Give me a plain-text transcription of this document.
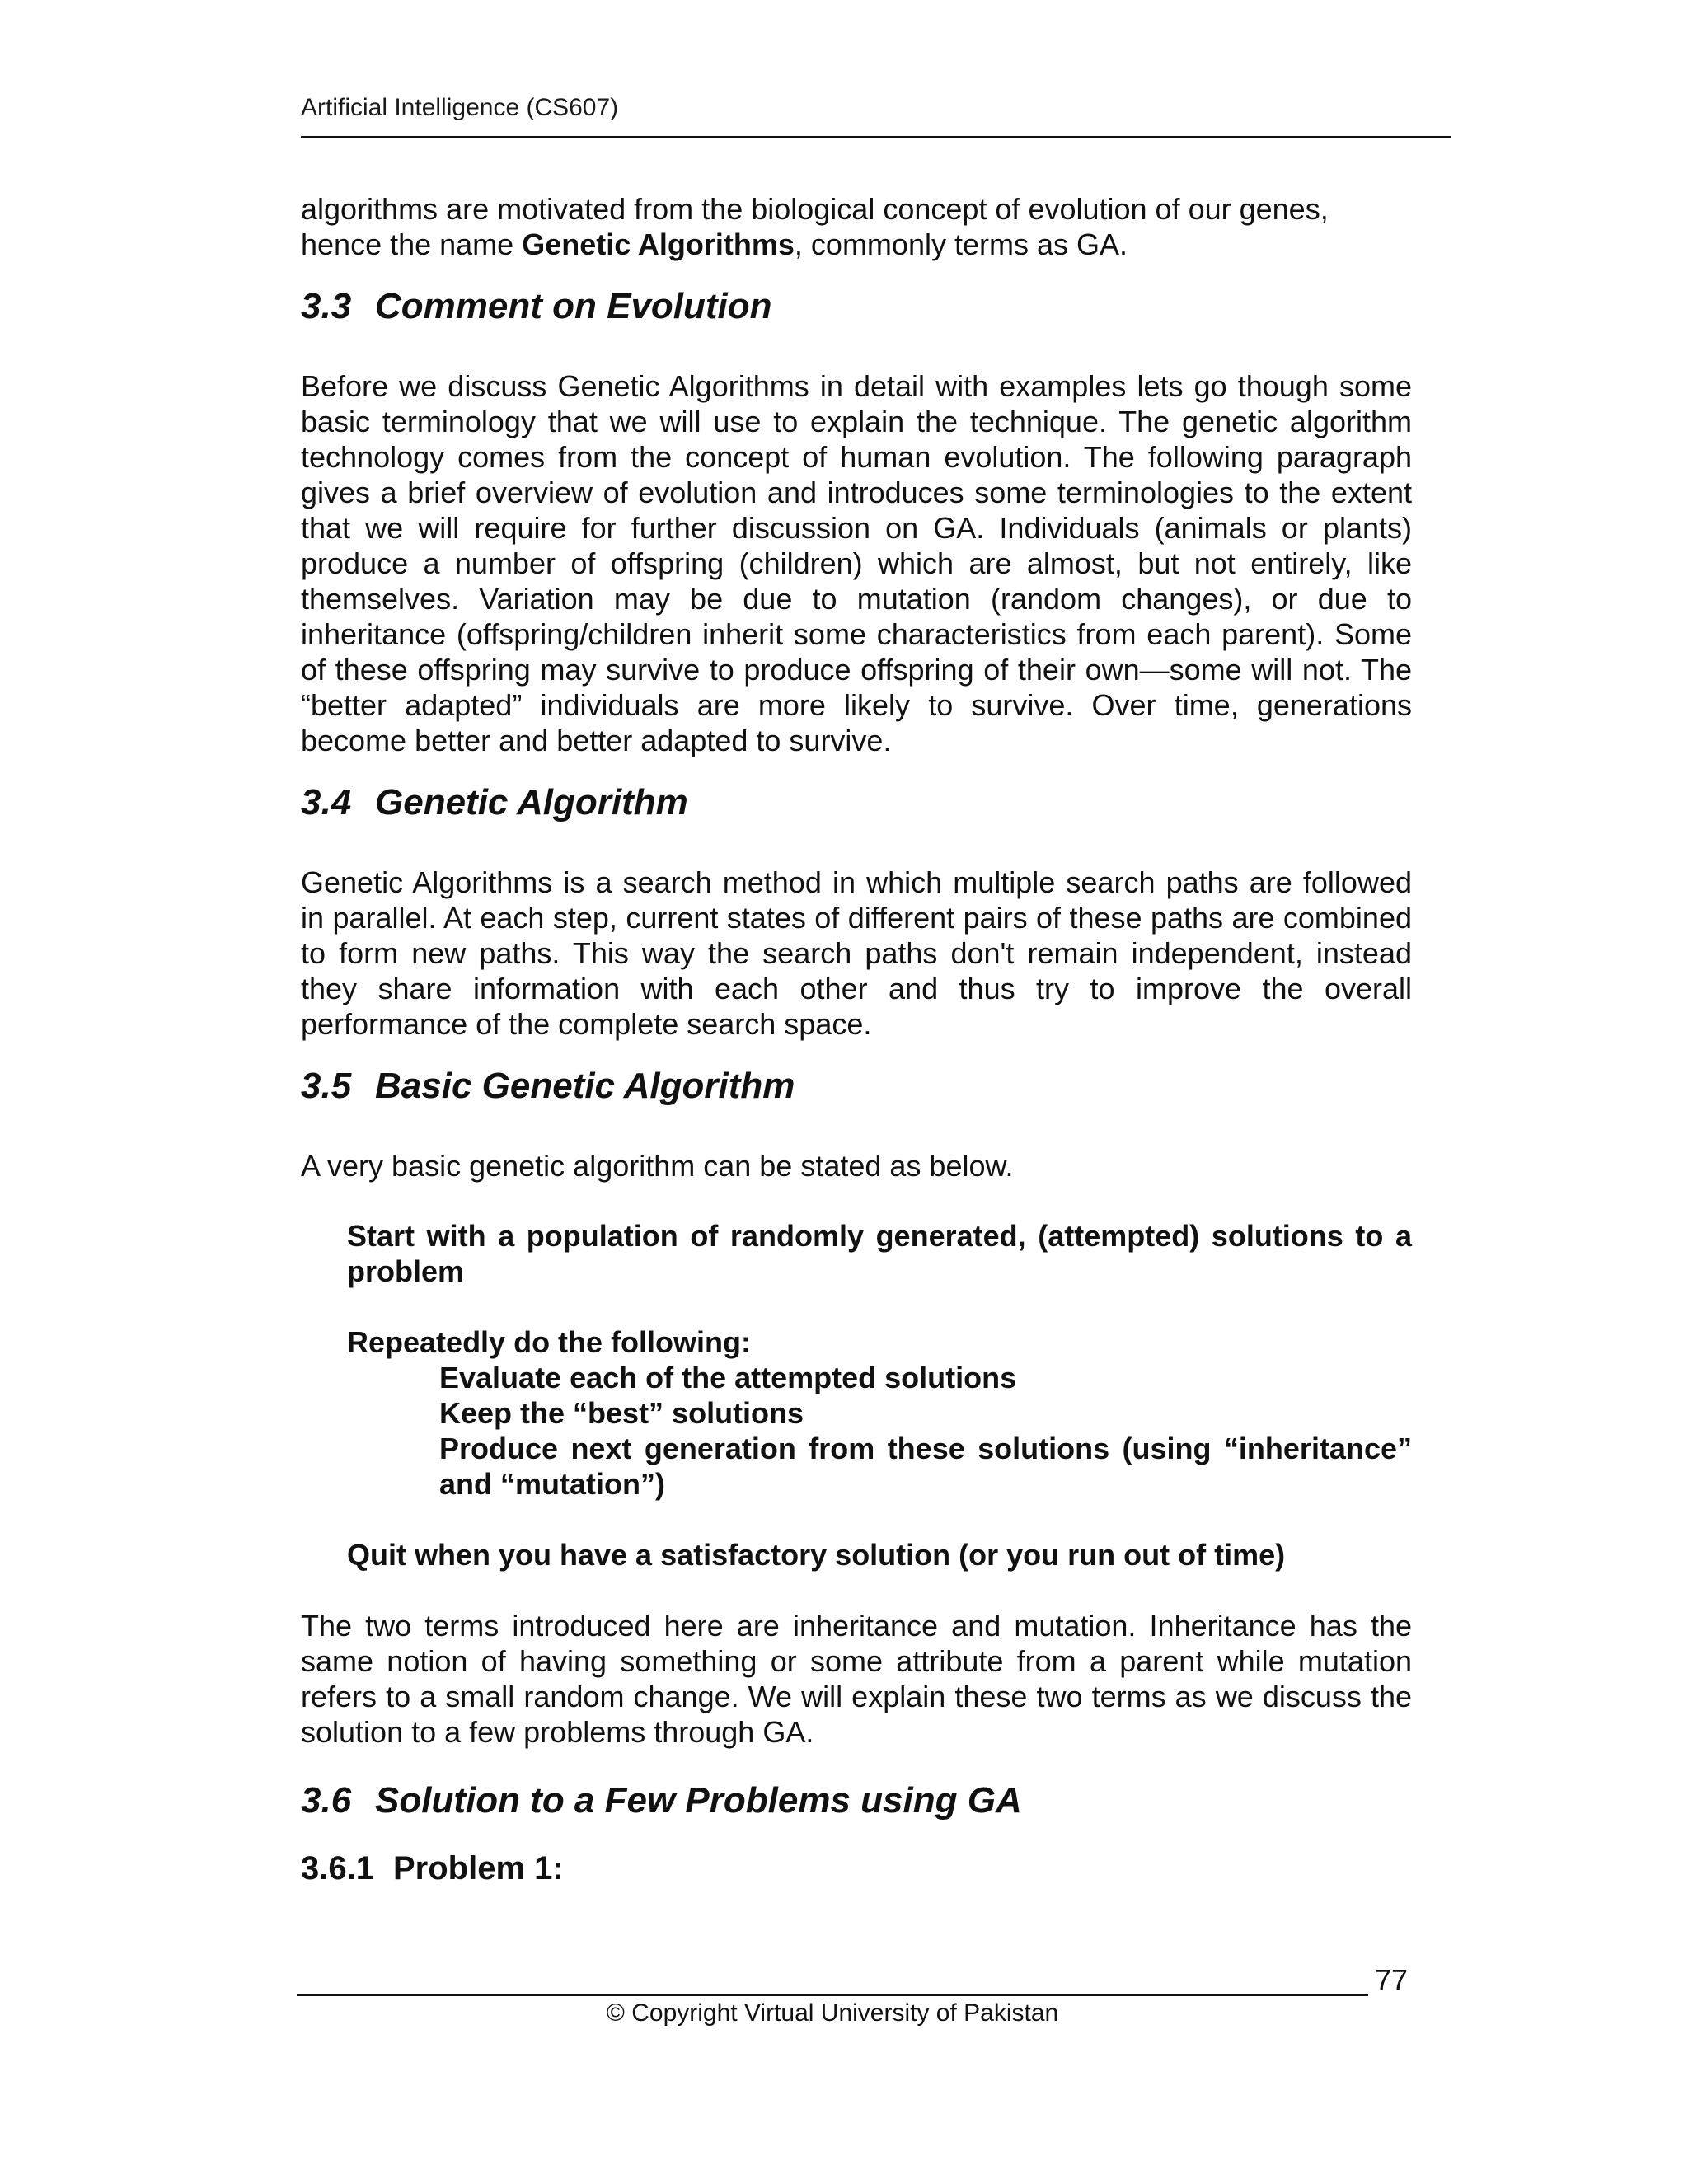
Artificial Intelligence (CS607)

algorithms are motivated from the biological concept of evolution of our genes,
hence the name Genetic Algorithms, commonly terms as GA.

3.3 Comment on Evolution

Before we discuss Genetic Algorithms in detail with examples lets go though some basic terminology that we will use to explain the technique. The genetic algorithm technology comes from the concept of human evolution. The following paragraph gives a brief overview of evolution and introduces some terminologies to the extent that we will require for further discussion on GA. Individuals (animals or plants) produce a number of offspring (children) which are almost, but not entirely, like themselves. Variation may be due to mutation (random changes), or due to inheritance (offspring/children inherit some characteristics from each parent). Some of these offspring may survive to produce offspring of their own—some will not. The “better adapted” individuals are more likely to survive. Over time, generations become better and better adapted to survive.

3.4 Genetic Algorithm

Genetic Algorithms is a search method in which multiple search paths are followed in parallel. At each step, current states of different pairs of these paths are combined to form new paths. This way the search paths don't remain independent, instead they share information with each other and thus try to improve the overall performance of the complete search space.

3.5 Basic Genetic Algorithm

A very basic genetic algorithm can be stated as below.

Start with a population of randomly generated, (attempted) solutions to a problem

Repeatedly do the following:

Evaluate each of the attempted solutions

Keep the “best” solutions

Produce next generation from these solutions (using “inheritance” and “mutation”)

Quit when you have a satisfactory solution (or you run out of time)

The two terms introduced here are inheritance and mutation. Inheritance has the same notion of having something or some attribute from a parent while mutation refers to a small random change. We will explain these two terms as we discuss the solution to a few problems through GA.

3.6 Solution to a Few Problems using GA
3.6.1 Problem 1:
77
© Copyright Virtual University of Pakistan
